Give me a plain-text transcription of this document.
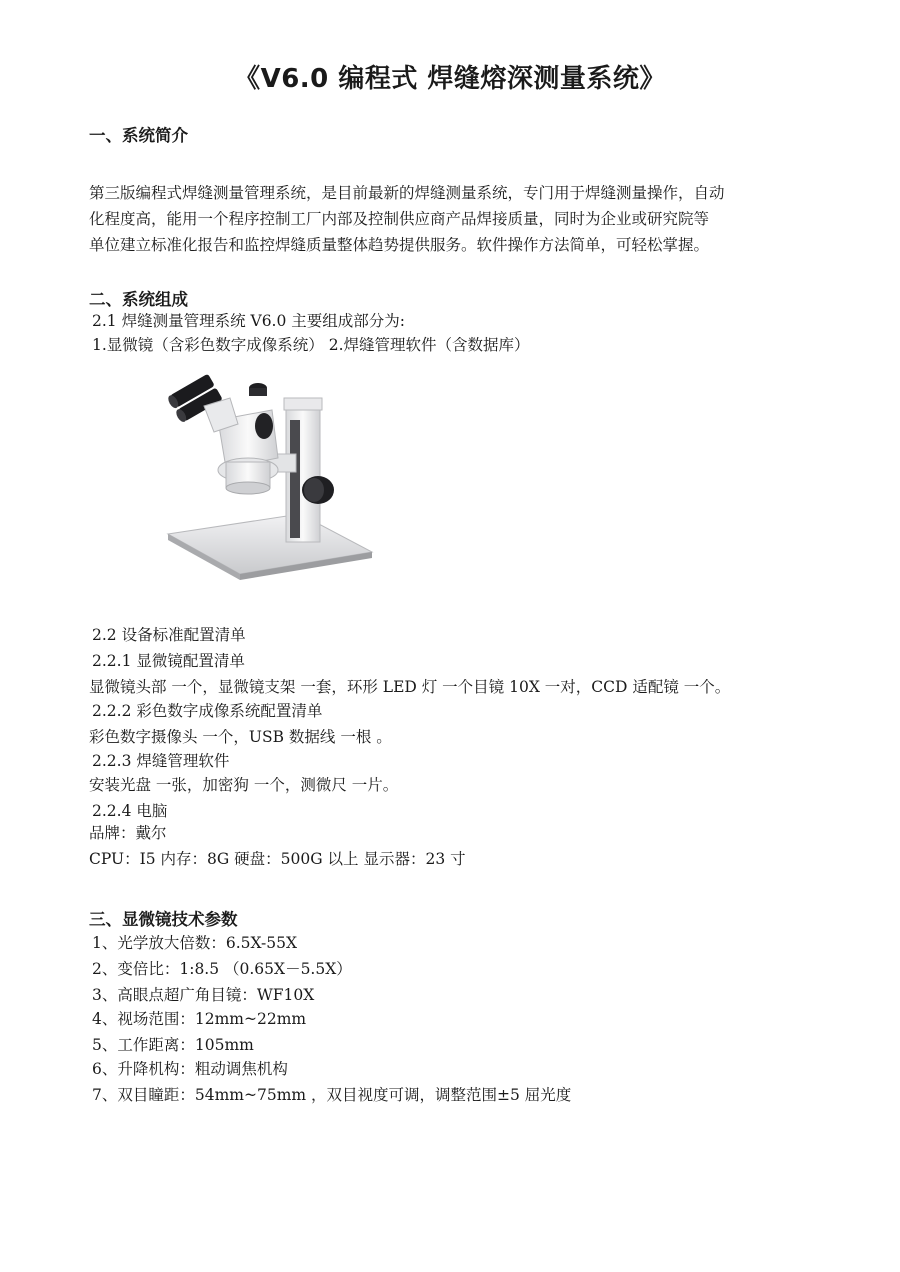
《V6.0 编程式 焊缝熔深测量系统》
一、系统简介
第三版编程式焊缝测量管理系统，是目前最新的焊缝测量系统，专门用于焊缝测量操作，自动
化程度高，能用一个程序控制工厂内部及控制供应商产品焊接质量，同时为企业或研究院等
单位建立标准化报告和监控焊缝质量整体趋势提供服务。软件操作方法简单，可轻松掌握。
二、系统组成
2.1 焊缝测量管理系统 V6.0 主要组成部分为:
1.显微镜（含彩色数字成像系统） 2.焊缝管理软件（含数据库）
2.2 设备标准配置清单
2.2.1 显微镜配置清单
显微镜头部 一个，显微镜支架 一套，环形 LED 灯 一个目镜 10X 一对，CCD 适配镜 一个。
2.2.2 彩色数字成像系统配置清单
彩色数字摄像头 一个，USB 数据线 一根 。
2.2.3 焊缝管理软件
安装光盘 一张，加密狗 一个，测微尺 一片。
2.2.4 电脑
品牌：戴尔
CPU：I5 内存：8G 硬盘：500G 以上 显示器：23 寸
三、显微镜技术参数
1、光学放大倍数：6.5X-55X
2、变倍比：1:8.5 （0.65X－5.5X）
3、高眼点超广角目镜：WF10X
4、视场范围：12mm~22mm
5、工作距离：105mm
6、升降机构：粗动调焦机构
7、双目瞳距：54mm~75mm ，双目视度可调，调整范围±5 屈光度
